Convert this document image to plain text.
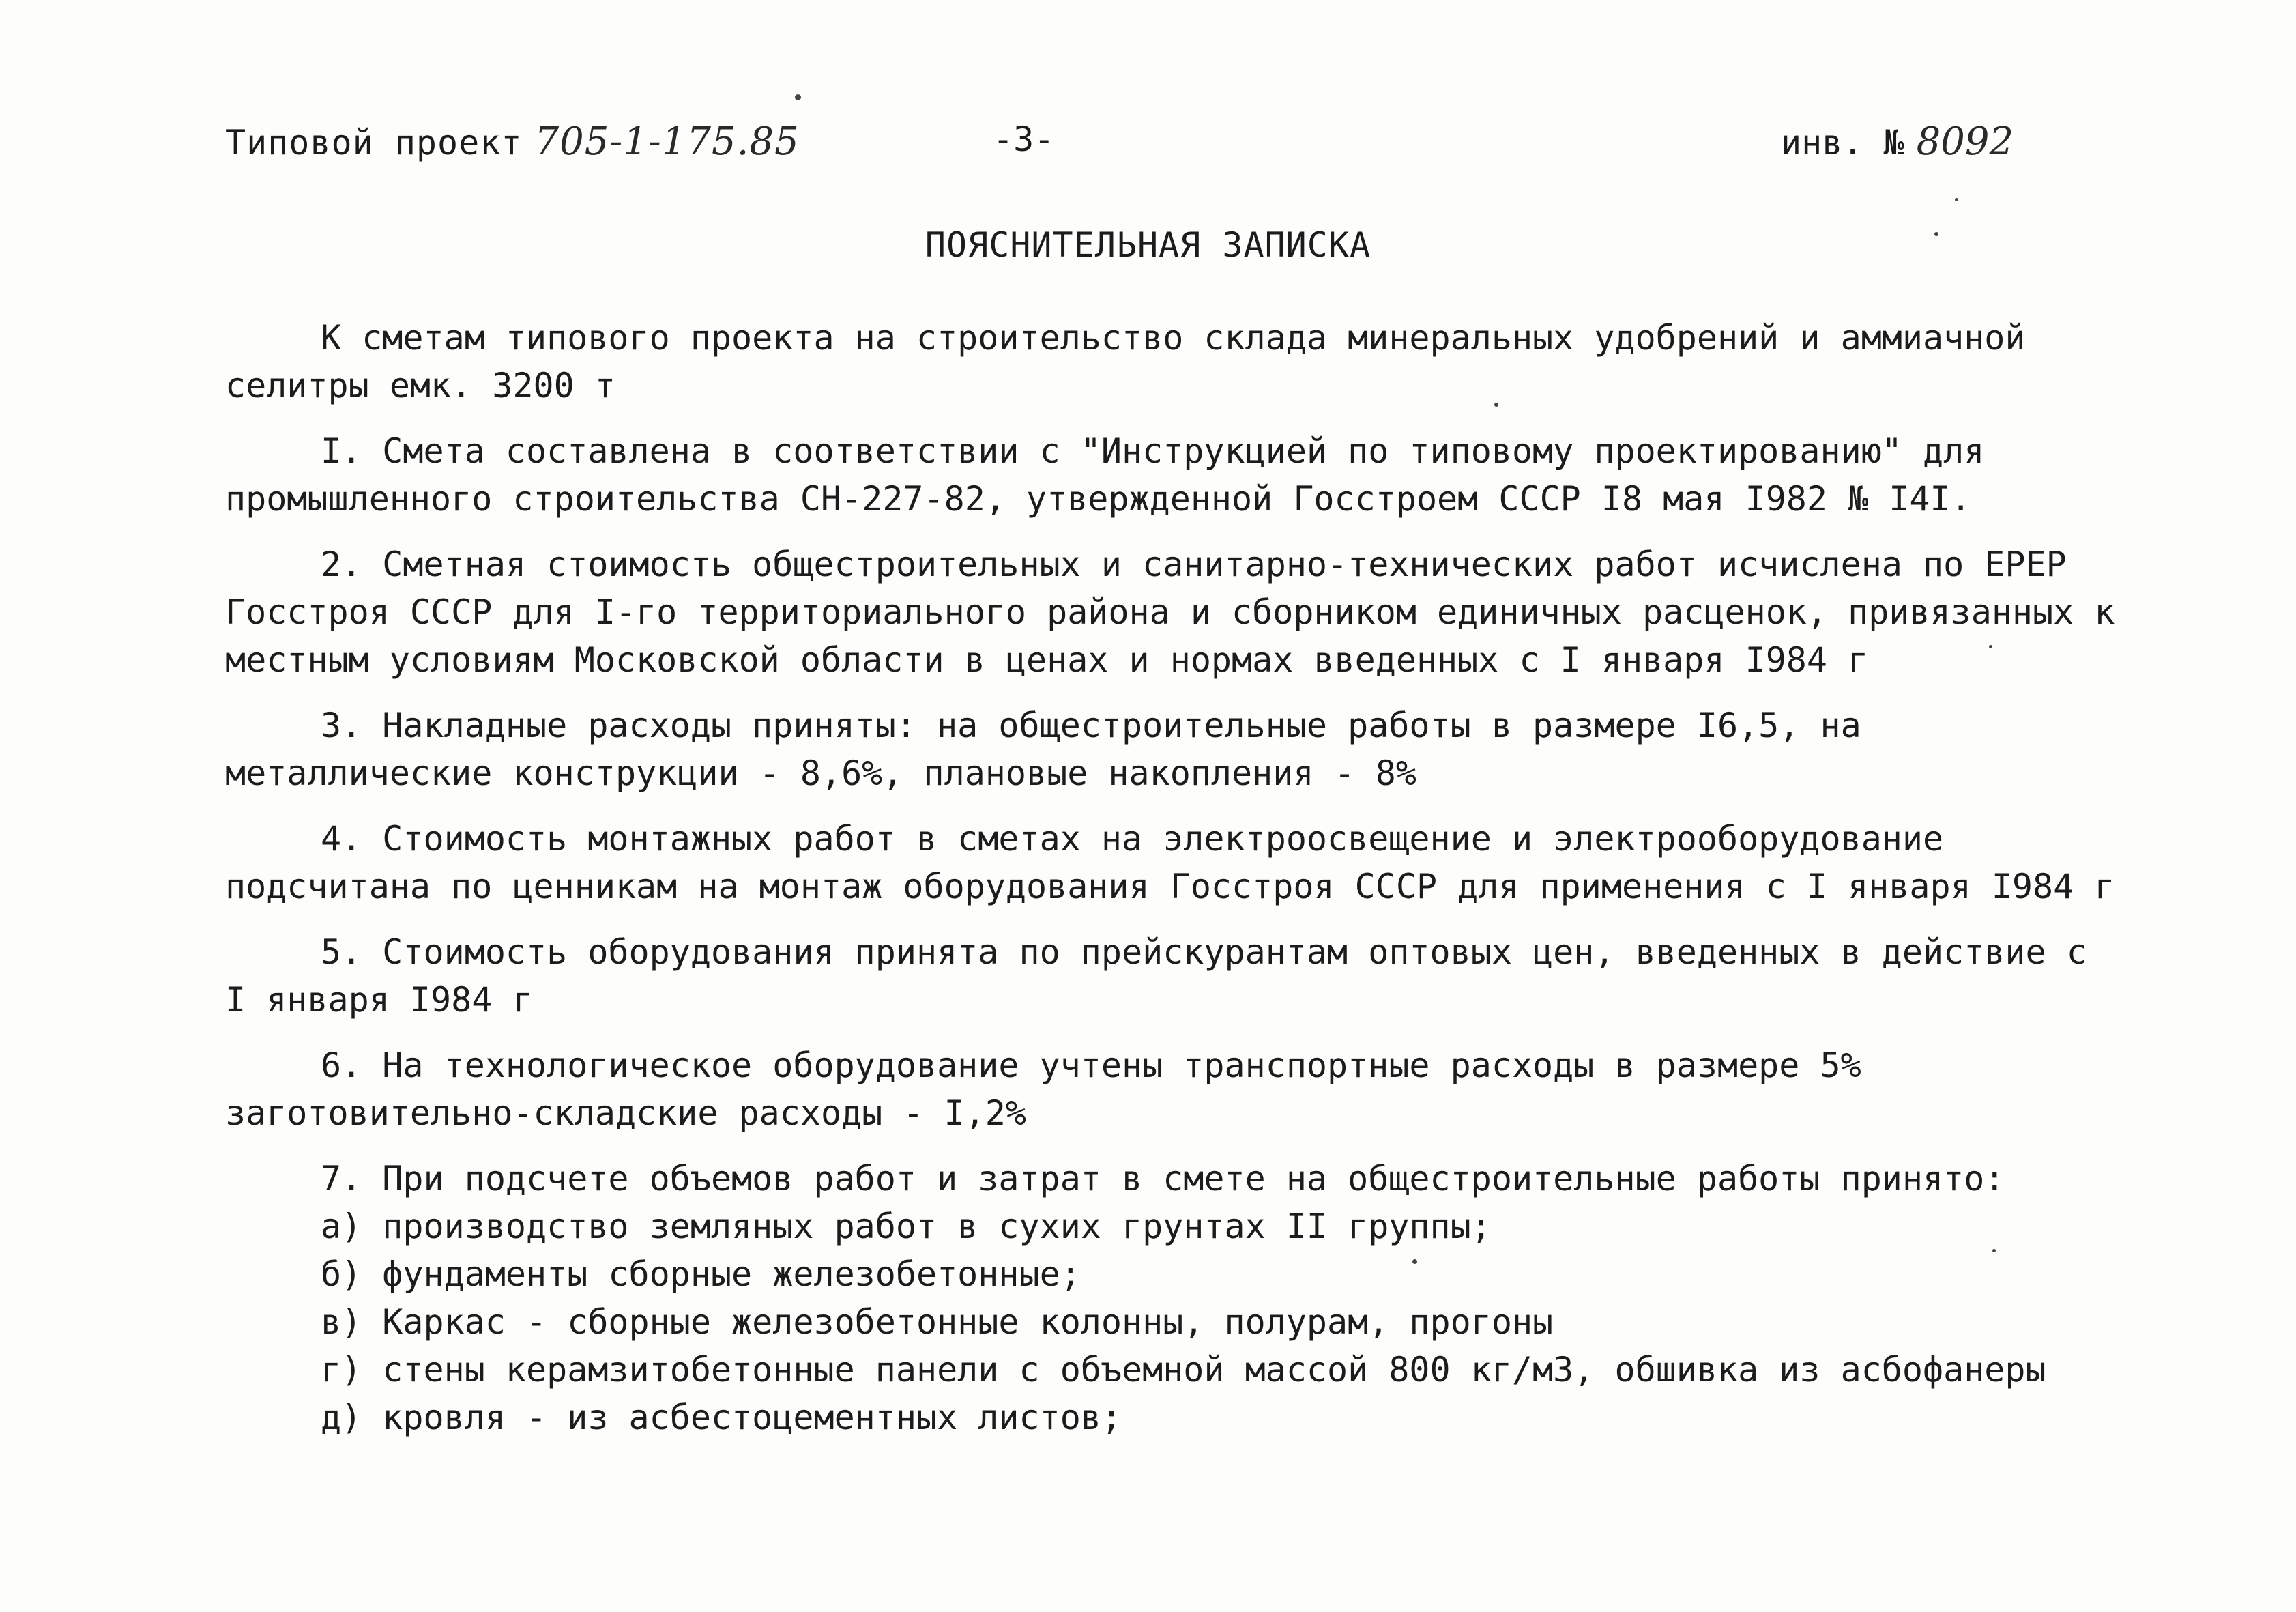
Типовой проект 705-1-175.85	-3-	инв. № 8092
ПОЯСНИТЕЛЬНАЯ ЗАПИСКА

К сметам типового проекта на строительство склада минеральных удобрений и аммиачной селитры емк. 3200 т

I. Смета составлена в соответствии с "Инструкцией по типовому проектированию" для промышленного строительства СН-227-82, утвержденной Госстроем СССР I8 мая I982 № I4I.

2. Сметная стоимость общестроительных и санитарно-технических работ исчислена по ЕРЕР Госстроя СССР для I-го территориального района и сборником единичных расценок, привязанных к местным условиям Московской области в ценах и нормах введенных с I января I984 г

3. Накладные расходы приняты: на общестроительные работы в размере I6,5, на металлические конструкции - 8,6%, плановые накопления - 8%

4. Стоимость монтажных работ в сметах на электроосвещение и электрооборудование подсчитана по ценникам на монтаж оборудования Госстроя СССР для применения с I января I984 г

5. Стоимость оборудования принята по прейскурантам оптовых цен, введенных в действие с I января I984 г

6. На технологическое оборудование учтены транспортные расходы в размере 5% заготовительно-складские расходы - I,2%

7. При подсчете объемов работ и затрат в смете на общестроительные работы принято:

а) производство земляных работ в сухих грунтах II группы;
б) фундаменты сборные железобетонные;
в) Каркас - сборные железобетонные колонны, полурам, прогоны
г) стены керамзитобетонные панели с объемной массой 800 кг/м3, обшивка из асбофанеры
д) кровля - из асбестоцементных листов;
